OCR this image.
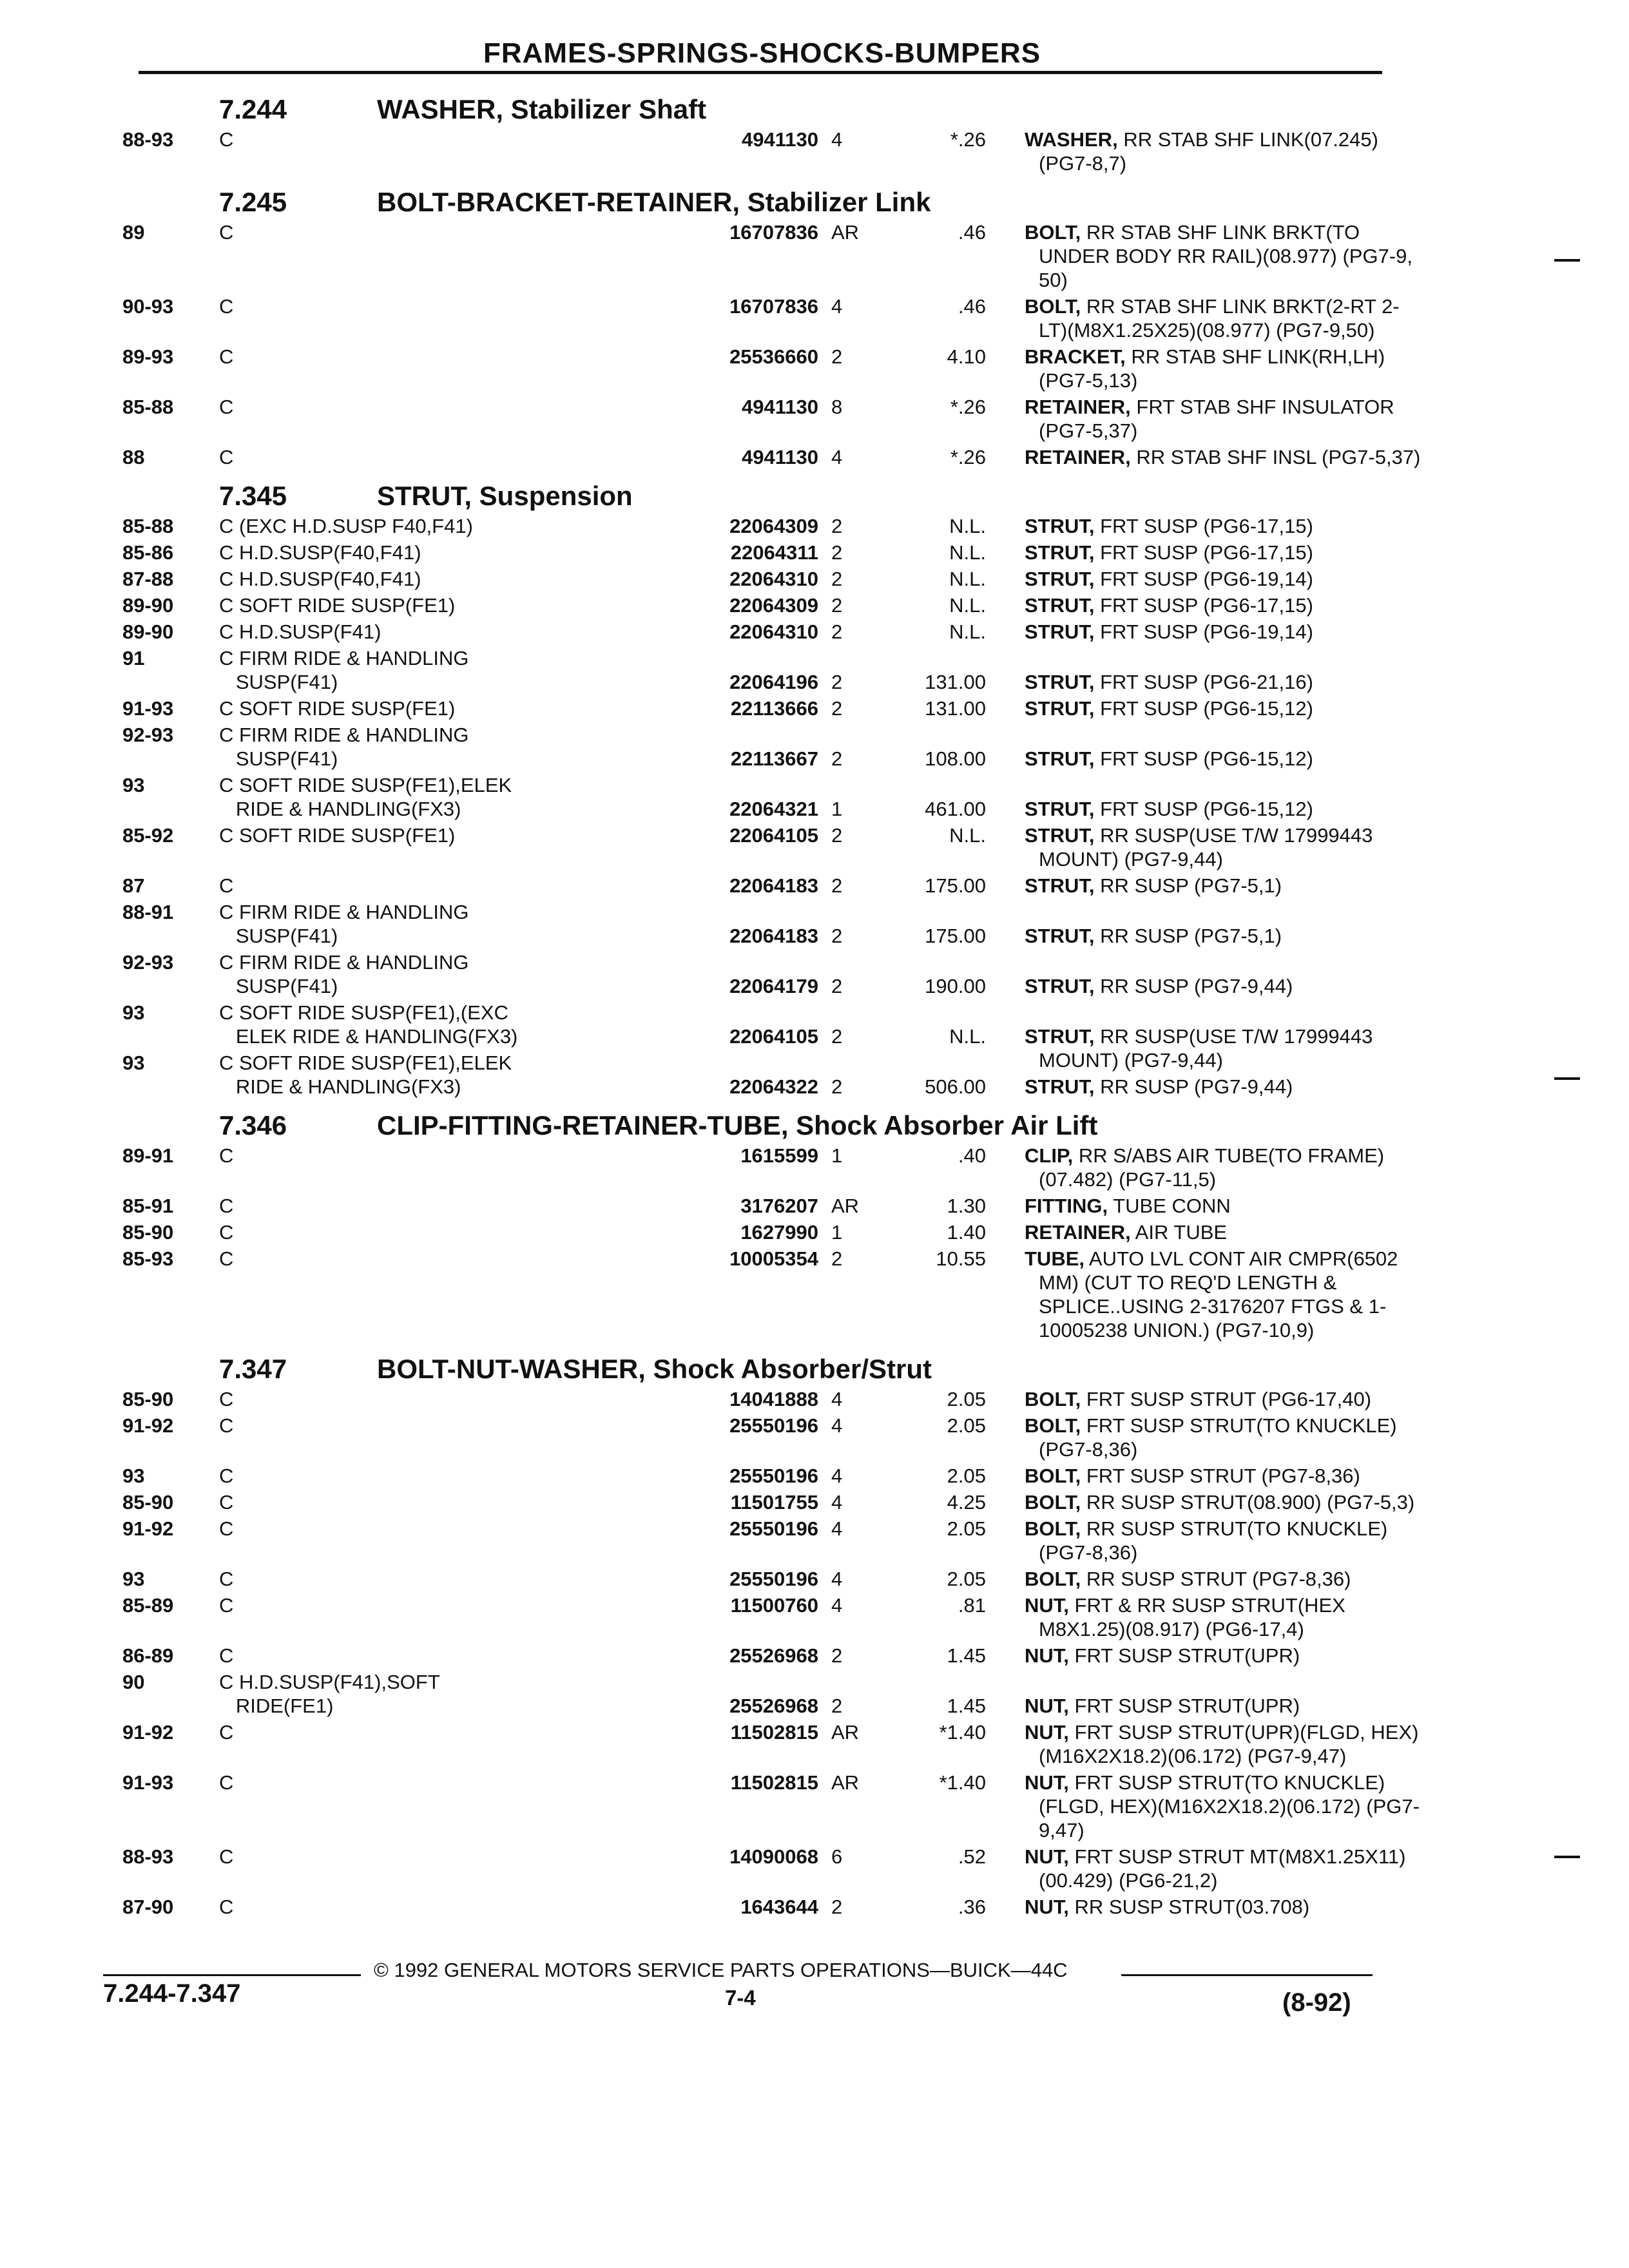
FRAMES-SPRINGS-SHOCKS-BUMPERS
7.244	WASHER, Stabilizer Shaft
88-93	C	4941130 4	*.26 WASHER, RR STAB SHF LINK(07.245)
(PG7-8,7)
7.245	BOLT-BRACKET-RETAINER, Stabilizer Link
89	C	16707836 AR	.46 BOLT, RR STAB SHF LINK BRKT(TO
UNDER BODY RR RAIL)(08.977) (PG7-9,
50)
90-93	C	16707836 4	.46 BOLT, RR STAB SHF LINK BRKT(2-RT 2-
LT)(M8X1.25X25)(08.977) (PG7-9,50)
89-93	C	25536660 2	4.10 BRACKET, RR STAB SHF LINK(RH,LH)
(PG7-5,13)
85-88	C	4941130 8	*.26 RETAINER, FRT STAB SHF INSULATOR
(PG7-5,37)
88	C	4941130 4	*.26 RETAINER, RR STAB SHF INSL (PG7-5,37)
7.345	STRUT, Suspension
85-88	C (EXC H.D.SUSP F40,F41)	22064309 2	N.L. STRUT, FRT SUSP (PG6-17,15)
85-86	C H.D.SUSP(F40,F41)	22064311 2	N.L. STRUT, FRT SUSP (PG6-17,15)
87-88	C H.D.SUSP(F40,F41)	22064310 2	N.L. STRUT, FRT SUSP (PG6-19,14)
89-90	C SOFT RIDE SUSP(FE1)	22064309 2	N.L. STRUT, FRT SUSP (PG6-17,15)
89-90	C H.D.SUSP(F41)	22064310 2	N.L. STRUT, FRT SUSP (PG6-19,14)
91	C FIRM RIDE & HANDLING
SUSP(F41)	22064196 2	131.00 STRUT, FRT SUSP (PG6-21,16)
91-93	C SOFT RIDE SUSP(FE1)	22113666 2	131.00 STRUT, FRT SUSP (PG6-15,12)
92-93	C FIRM RIDE & HANDLING
SUSP(F41)	22113667 2	108.00 STRUT, FRT SUSP (PG6-15,12)
93	C SOFT RIDE SUSP(FE1),ELEK
RIDE & HANDLING(FX3)	22064321 1	461.00 STRUT, FRT SUSP (PG6-15,12)
85-92	C SOFT RIDE SUSP(FE1)	22064105 2	N.L. STRUT, RR SUSP(USE T/W 17999443
MOUNT) (PG7-9,44)
87	C	22064183 2	175.00 STRUT, RR SUSP (PG7-5,1)
88-91	C FIRM RIDE & HANDLING
SUSP(F41)	22064183 2	175.00 STRUT, RR SUSP (PG7-5,1)
92-93	C FIRM RIDE & HANDLING
SUSP(F41)	22064179 2	190.00 STRUT, RR SUSP (PG7-9,44)
93	C SOFT RIDE SUSP(FE1),(EXC
ELEK RIDE & HANDLING(FX3)	22064105 2	N.L. STRUT, RR SUSP(USE T/W 17999443
MOUNT) (PG7-9,44)
93	C SOFT RIDE SUSP(FE1),ELEK
RIDE & HANDLING(FX3)	22064322 2	506.00 STRUT, RR SUSP (PG7-9,44)
7.346	CLIP-FITTING-RETAINER-TUBE, Shock Absorber Air Lift
89-91	C	1615599 1	.40 CLIP, RR S/ABS AIR TUBE(TO FRAME)
(07.482) (PG7-11,5)
85-91	C	3176207 AR	1.30 FITTING, TUBE CONN
85-90	C	1627990 1	1.40 RETAINER, AIR TUBE
85-93	C	10005354 2	10.55 TUBE, AUTO LVL CONT AIR CMPR(6502
MM) (CUT TO REQ'D LENGTH &
SPLICE..USING 2-3176207 FTGS & 1-
10005238 UNION.) (PG7-10,9)
7.347	BOLT-NUT-WASHER, Shock Absorber/Strut
85-90	C	14041888 4	2.05 BOLT, FRT SUSP STRUT (PG6-17,40)
91-92	C	25550196 4	2.05 BOLT, FRT SUSP STRUT(TO KNUCKLE)
(PG7-8,36)
93	C	25550196 4	2.05 BOLT, FRT SUSP STRUT (PG7-8,36)
85-90	C	11501755 4	4.25 BOLT, RR SUSP STRUT(08.900) (PG7-5,3)
91-92	C	25550196 4	2.05 BOLT, RR SUSP STRUT(TO KNUCKLE)
(PG7-8,36)
93	C	25550196 4	2.05 BOLT, RR SUSP STRUT (PG7-8,36)
85-89	C	11500760 4	.81 NUT, FRT & RR SUSP STRUT(HEX
M8X1.25)(08.917) (PG6-17,4)
86-89	C	25526968 2	1.45 NUT, FRT SUSP STRUT(UPR)
90	C H.D.SUSP(F41),SOFT
RIDE(FE1)	25526968 2	1.45 NUT, FRT SUSP STRUT(UPR)
91-92	C	11502815 AR	*1.40 NUT, FRT SUSP STRUT(UPR)(FLGD, HEX)
(M16X2X18.2)(06.172) (PG7-9,47)
91-93	C	11502815 AR	*1.40 NUT, FRT SUSP STRUT(TO KNUCKLE)
(FLGD, HEX)(M16X2X18.2)(06.172) (PG7-
9,47)
88-93	C	14090068 6	.52 NUT, FRT SUSP STRUT MT(M8X1.25X11)
(00.429) (PG6-21,2)
87-90	C	1643644 2	.36 NUT, RR SUSP STRUT(03.708)
© 1992 GENERAL MOTORS SERVICE PARTS OPERATIONS—BUICK—44C
7.244-7.347	7-4	(8-92)
